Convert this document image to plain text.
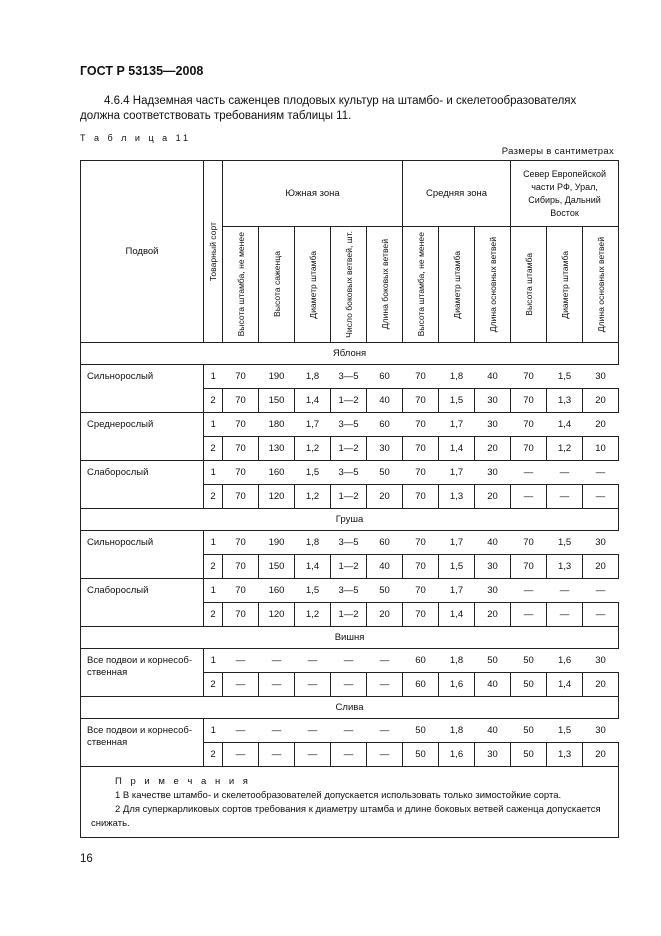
ГОСТ Р 53135—2008
4.6.4 Надземная часть саженцев плодовых культур на штамбо- и скелетообразователях должна соответствовать требованиям таблицы 11.
Т а б л и ц а 11
Размеры в сантиметрах
Подвой	Товарный сорт	Южная зона					Средняя зона			Север Европейской части РФ, Урал, Сибирь, Дальний Восток		

		Высота штамба, не менее	Высота саженца	Диаметр штамба	Число боковых ветвей, шт.	Длина боковых ветвей	Высота штамба, не менее	Диаметр штамба	Длина основных ветвей	Высота штамба	Диаметр штамба	Длина основных ветвей

Яблоня												
Сильнорослый	1	70	190	1,8	3—5	60	70	1,8	40	70	1,5	30
	2	70	150	1,4	1—2	40	70	1,5	30	70	1,3	20
Среднерослый	1	70	180	1,7	3—5	60	70	1,7	30	70	1,4	20
	2	70	130	1,2	1—2	30	70	1,4	20	70	1,2	10
Слаборослый	1	70	160	1,5	3—5	50	70	1,7	30	—	—	—
	2	70	120	1,2	1—2	20	70	1,3	20	—	—	—
Груша												
Сильнорослый	1	70	190	1,8	3—5	60	70	1,7	40	70	1,5	30
	2	70	150	1,4	1—2	40	70	1,5	30	70	1,3	20
Слаборослый	1	70	160	1,5	3—5	50	70	1,7	30	—	—	—
	2	70	120	1,2	1—2	20	70	1,4	20	—	—	—
Вишня												
Все подвои и корнесоб-ственная	1	—	—	—	—	—	60	1,8	50	50	1,6	30
	2	—	—	—	—	—	60	1,6	40	50	1,4	20
Слива												
Все подвои и корнесоб-ственная	1	—	—	—	—	—	50	1,8	40	50	1,5	30
	2	—	—	—	—	—	50	1,6	30	50	1,3	20

П р и м е ч а н и я
1 В качестве штамбо- и скелетообразователей допускается использовать только зимостойкие сорта.
2 Для суперкарликовых сортов требования к диаметру штамба и длине боковых ветвей саженца допускается снижать.												
16
